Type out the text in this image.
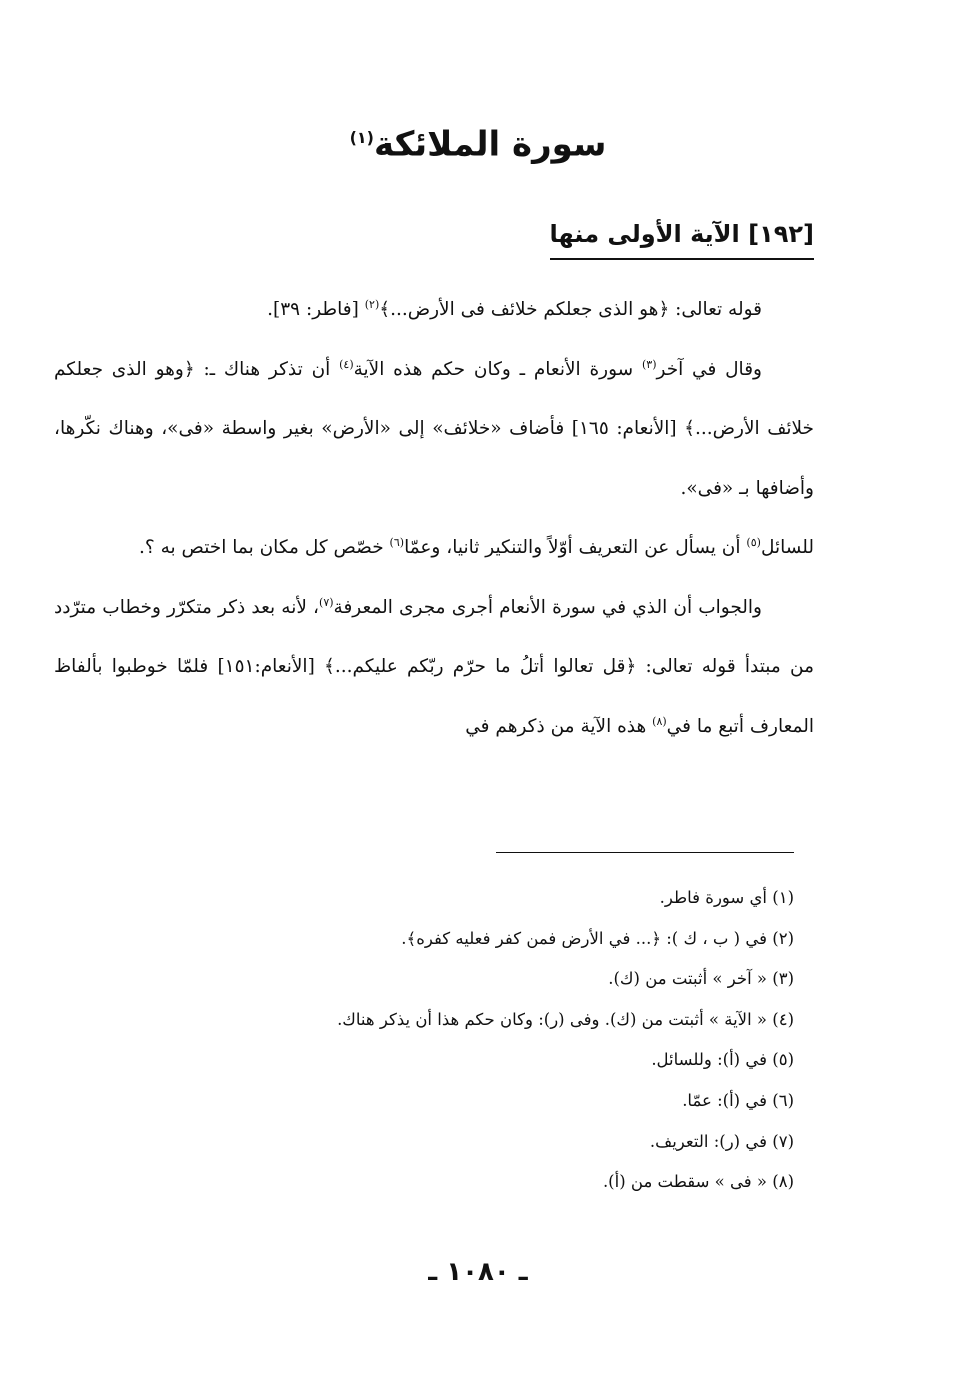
سورة الملائكة$^{(١)}$
[١٩٢] الآية الأولى منها

قوله تعالى: ﴿هو الذى جعلكم خلائف فى الأرض...﴾$^{(٢)}$ [فاطر: ٣٩].

وقال في آخر$^{(٣)}$ سورة الأنعام ـ وكان حكم هذه الآية$^{(٤)}$ أن تذكر هناك ـ: ﴿وهو الذى جعلكم خلائف الأرض...﴾ [الأنعام: ١٦٥] فأضاف «خلائف» إلى «الأرض» بغير واسطة «فى»، وهناك نكّرها، وأضافها بـ «فى».

للسائل$^{(٥)}$ أن يسأل عن التعريف أوّلاً والتنكير ثانيا، وعمّا$^{(٦)}$ خصّص كل مكان بما اختص به ؟.

والجواب أن الذي في سورة الأنعام أجرى مجرى المعرفة$^{(٧)}$، لأنه بعد ذكر متكرّر وخطاب مترّدد من مبتدأ قوله تعالى: ﴿قل تعالوا أتلُ ما حرّم ربّكم عليكم...﴾ [الأنعام:١٥١] فلمّا خوطبوا بألفاظ المعارف أتبع ما في$^{(٨)}$ هذه الآية من ذكرهم في

(١) أي سورة فاطر.
(٢) في ( ب ، ك ): ﴿... في الأرض فمن كفر فعليه كفره﴾.
(٣) « آخر » أثبتت من (ك).
(٤) « الآية » أثبتت من (ك). وفى (ر): وكان حكم هذا أن يذكر هناك.
(٥) في (أ): وللسائل.
(٦) في (أ): عمّا.
(٧) في (ر): التعريف.
(٨) « فى » سقطت من (أ).
ـ ١٠٨٠ ـ
